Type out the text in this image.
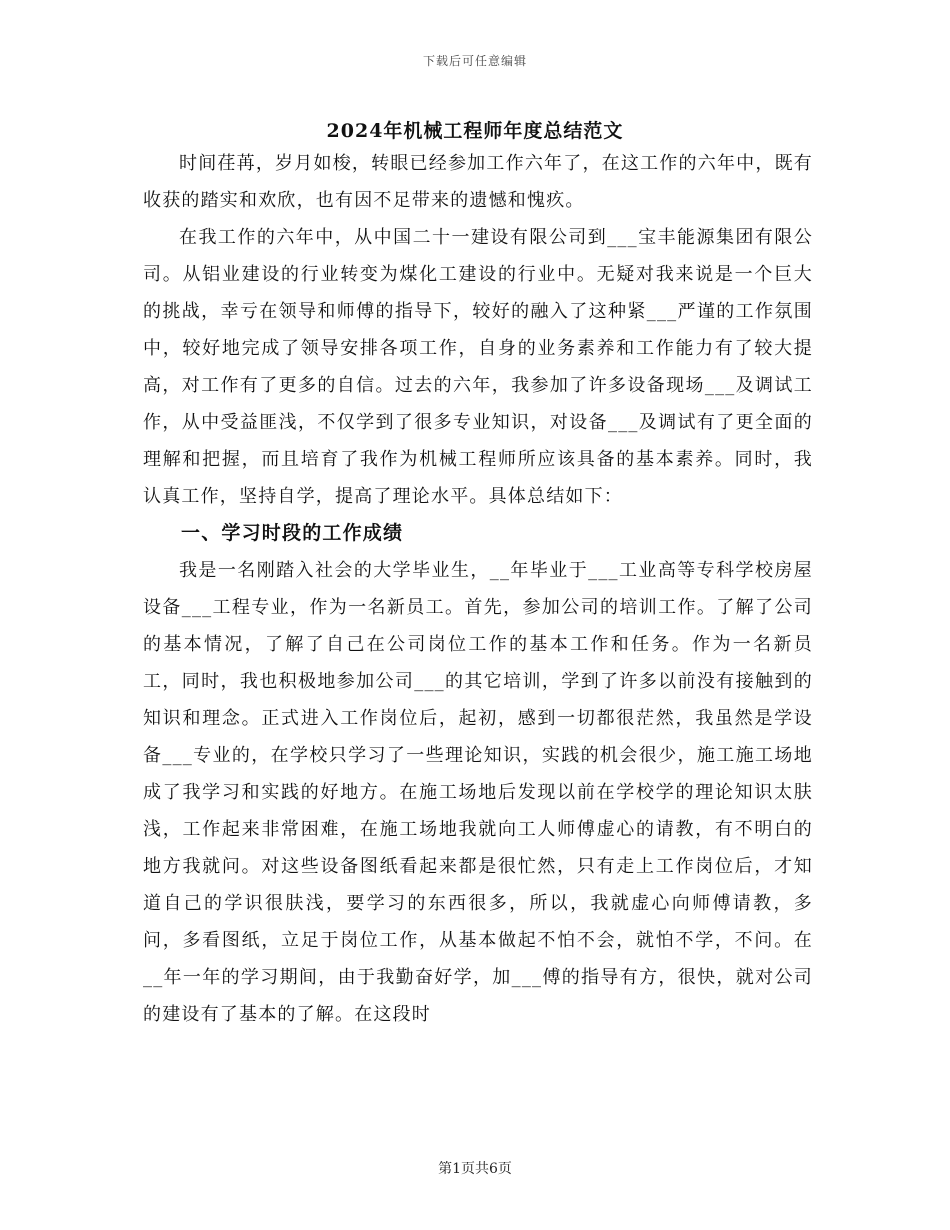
下载后可任意编辑
2024年机械工程师年度总结范文

时间荏苒，岁月如梭，转眼已经参加工作六年了，在这工作的六年中，既有收获的踏实和欢欣，也有因不足带来的遗憾和愧疚。

在我工作的六年中，从中国二十一建设有限公司到___宝丰能源集团有限公司。从铝业建设的行业转变为煤化工建设的行业中。无疑对我来说是一个巨大的挑战，幸亏在领导和师傅的指导下，较好的融入了这种紧___严谨的工作氛围中，较好地完成了领导安排各项工作，自身的业务素养和工作能力有了较大提高，对工作有了更多的自信。过去的六年，我参加了许多设备现场___及调试工作，从中受益匪浅，不仅学到了很多专业知识，对设备___及调试有了更全面的理解和把握，而且培育了我作为机械工程师所应该具备的基本素养。同时，我认真工作，坚持自学，提高了理论水平。具体总结如下：

一、学习时段的工作成绩

我是一名刚踏入社会的大学毕业生，__年毕业于___工业高等专科学校房屋设备___工程专业，作为一名新员工。首先，参加公司的培训工作。了解了公司的基本情况，了解了自己在公司岗位工作的基本工作和任务。作为一名新员工，同时，我也积极地参加公司___的其它培训，学到了许多以前没有接触到的知识和理念。正式进入工作岗位后，起初，感到一切都很茫然，我虽然是学设备___专业的，在学校只学习了一些理论知识，实践的机会很少，施工施工场地成了我学习和实践的好地方。在施工场地后发现以前在学校学的理论知识太肤浅，工作起来非常困难，在施工场地我就向工人师傅虚心的请教，有不明白的地方我就问。对这些设备图纸看起来都是很忙然，只有走上工作岗位后，才知道自己的学识很肤浅，要学习的东西很多，所以，我就虚心向师傅请教，多问，多看图纸，立足于岗位工作，从基本做起不怕不会，就怕不学，不问。在__年一年的学习期间，由于我勤奋好学，加___傅的指导有方，很快，就对公司的建设有了基本的了解。在这段时

第1页共6页
